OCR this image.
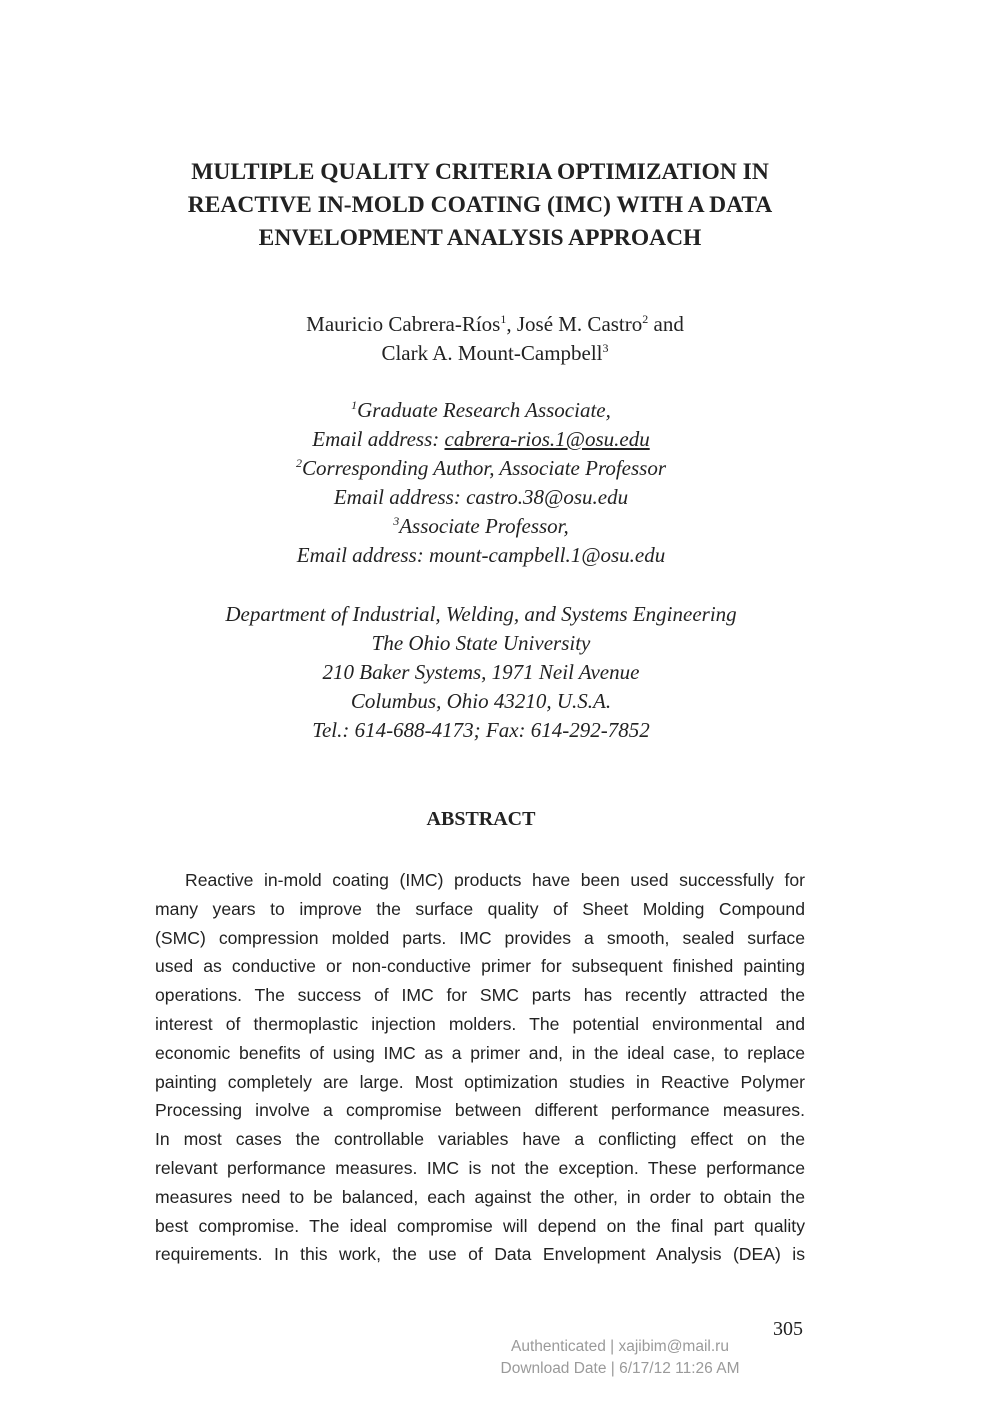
MULTIPLE QUALITY CRITERIA OPTIMIZATION IN
REACTIVE IN-MOLD COATING (IMC) WITH A DATA
ENVELOPMENT ANALYSIS APPROACH
Mauricio Cabrera-Ríos$^1$, José M. Castro$^2$ and
Clark A. Mount-Campbell$^3$
$^1$Graduate Research Associate,
Email address: cabrera-rios.1@osu.edu
$^2$Corresponding Author, Associate Professor
Email address: castro.38@osu.edu
$^3$Associate Professor,
Email address: mount-campbell.1@osu.edu
Department of Industrial, Welding, and Systems Engineering
The Ohio State University
210 Baker Systems, 1971 Neil Avenue
Columbus, Ohio 43210, U.S.A.
Tel.: 614-688-4173; Fax: 614-292-7852
ABSTRACT
Reactive in-mold coating (IMC) products have been used successfully for
many years to improve the surface quality of Sheet Molding Compound
(SMC) compression molded parts. IMC provides a smooth, sealed surface
used as conductive or non-conductive primer for subsequent finished painting
operations. The success of IMC for SMC parts has recently attracted the
interest of thermoplastic injection molders. The potential environmental and
economic benefits of using IMC as a primer and, in the ideal case, to replace
painting completely are large. Most optimization studies in Reactive Polymer
Processing involve a compromise between different performance measures.
In most cases the controllable variables have a conflicting effect on the
relevant performance measures. IMC is not the exception. These performance
measures need to be balanced, each against the other, in order to obtain the
best compromise. The ideal compromise will depend on the final part quality
requirements. In this work, the use of Data Envelopment Analysis (DEA) is
305
Authenticated | xajibim@mail.ru
Download Date | 6/17/12 11:26 AM
